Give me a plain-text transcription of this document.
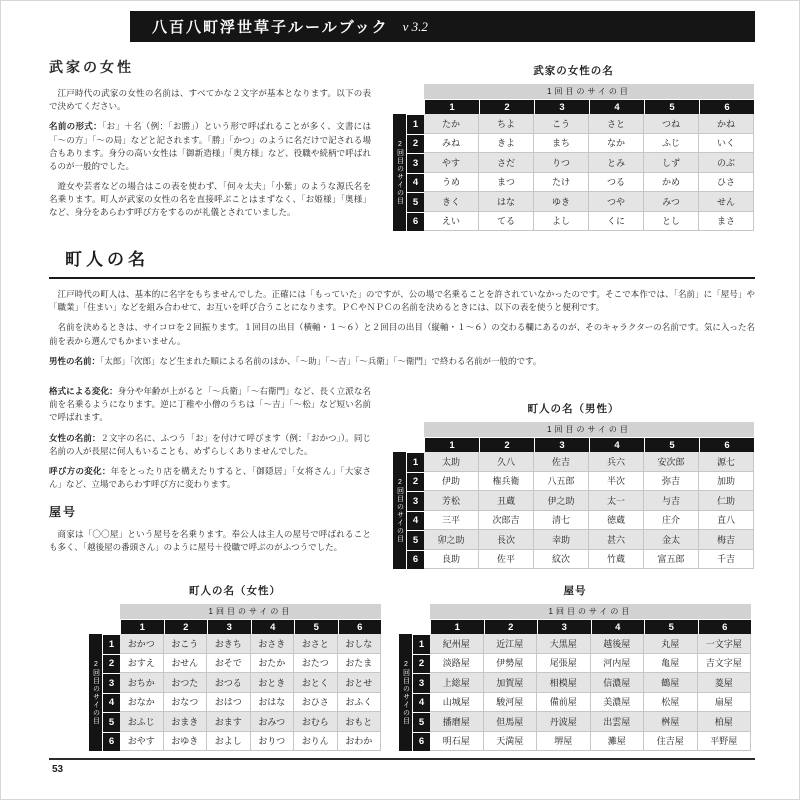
八百八町浮世草子ルールブック v 3.2
武家の女性

江戸時代の武家の女性の名前は、すべてかな２文字が基本となります。以下の表で決めてください。

名前の形式：「お」＋名（例：「お勝」）という形で呼ばれることが多く、文書には「〜の方」「〜の局」などと記されます。「勝」「かつ」のように名だけで記される場合もあります。身分の高い女性は「御新造様」「奥方様」など、役職や続柄で呼ばれるのが一般的でした。

遊女や芸者などの場合はこの表を使わず、「何々太夫」「小紫」のような源氏名を名乗ります。町人が武家の女性の名を直接呼ぶことはまずなく、「お姫様」「奥様」など、身分をあらわす呼び方をするのが礼儀とされていました。

武家の女性の名
1回目のサイの目
1	2	3	4	5	6
2回目のサイの目
1	たか	ちよ	こう	さと	つね	かね
2	みね	きよ	まち	なか	ふじ	いく
3	やす	さだ	りつ	とみ	しず	のぶ
4	うめ	まつ	たけ	つる	かめ	ひさ
5	きく	はな	ゆき	つや	みつ	せん
6	えい	てる	よし	くに	とし	まさ
町人の名

江戸時代の町人は、基本的に名字をもちませんでした。正確には「もっていた」のですが、公の場で名乗ることを許されていなかったのです。そこで本作では、「名前」に「屋号」や「職業」「住まい」などを組み合わせて、お互いを呼び合うことになります。ＰＣやＮＰＣの名前を決めるときには、以下の表を使うと便利です。

名前を決めるときは、サイコロを２回振ります。１回目の出目（横軸・１〜６）と２回目の出目（縦軸・１〜６）の交わる欄にあるのが、そのキャラクターの名前です。気に入った名前を表から選んでもかまいません。

男性の名前：「太郎」「次郎」など生まれた順による名前のほか、「〜助」「〜吉」「〜兵衛」「〜衛門」で終わる名前が一般的です。

格式による変化：身分や年齢が上がると「〜兵衛」「〜右衛門」など、長く立派な名前を名乗るようになります。逆に丁稚や小僧のうちは「〜吉」「〜松」など短い名前で呼ばれます。

女性の名前：２文字の名に、ふつう「お」を付けて呼びます（例：「おかつ」）。同じ名前の人が長屋に何人もいることも、めずらしくありませんでした。

呼び方の変化：年をとったり店を構えたりすると、「御隠居」「女将さん」「大家さん」など、立場であらわす呼び方に変わります。

屋号

商家は「〇〇屋」という屋号を名乗ります。奉公人は主人の屋号で呼ばれることも多く、「越後屋の番頭さん」のように屋号＋役職で呼ぶのがふつうでした。

町人の名（男性）
1回目のサイの目
1	2	3	4	5	6
2回目のサイの目
1	太助	久八	佐吉	兵六	安次郎	源七
2	伊助	権兵衛	八五郎	半次	弥吉	加助
3	芳松	丑蔵	伊之助	太一	与吉	仁助
4	三平	次郎吉	清七	徳蔵	庄介	直八
5	卯之助	長次	幸助	甚六	金太	梅吉
6	良助	佐平	紋次	竹蔵	富五郎	千吉
町人の名（女性）
1回目のサイの目
1	2	3	4	5	6
2回目のサイの目
1	おかつ	おこう	おきち	おさき	おさと	おしな
2	おすえ	おせん	おそで	おたか	おたつ	おたま
3	おちか	おつた	おつる	おとき	おとく	おとせ
4	おなか	おなつ	おはつ	おはな	おひさ	おふく
5	おふじ	おまき	おます	おみつ	おむら	おもと
6	おやす	おゆき	およし	おりつ	おりん	おわか
屋号
1回目のサイの目
1	2	3	4	5	6
2回目のサイの目
1	紀州屋	近江屋	大黒屋	越後屋	丸屋	一文字屋
2	淡路屋	伊勢屋	尾張屋	河内屋	亀屋	吉文字屋
3	上総屋	加賀屋	相模屋	信濃屋	鶴屋	菱屋
4	山城屋	駿河屋	備前屋	美濃屋	松屋	扇屋
5	播磨屋	但馬屋	丹波屋	出雲屋	桝屋	柏屋
6	明石屋	天満屋	堺屋	灘屋	住吉屋	平野屋
53
